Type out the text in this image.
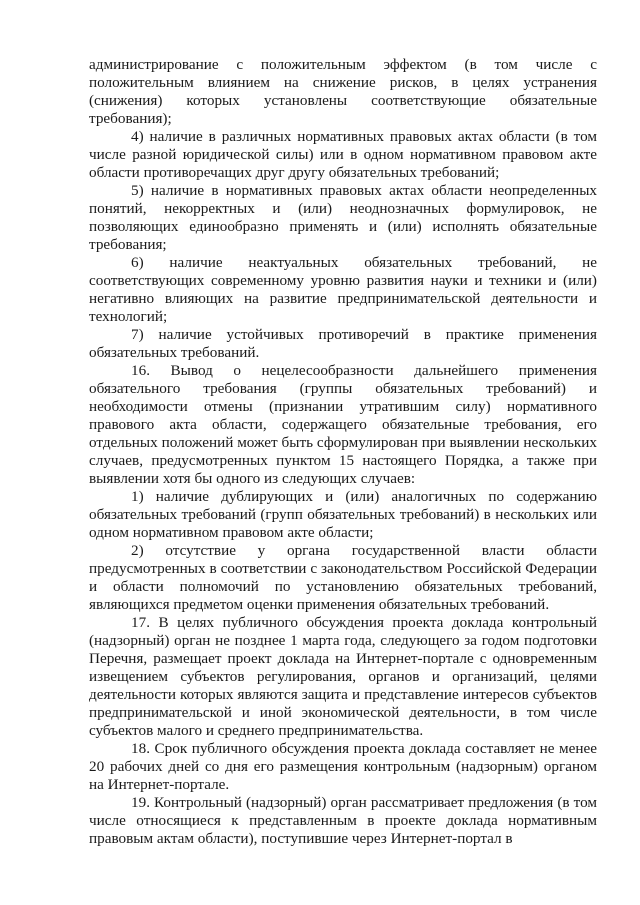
администрирование с положительным эффектом (в том числе с положительным влиянием на снижение рисков, в целях устранения (снижения) которых установлены соответствующие обязательные требования);

4) наличие в различных нормативных правовых актах области (в том числе разной юридической силы) или в одном нормативном правовом акте области противоречащих друг другу обязательных требований;

5) наличие в нормативных правовых актах области неопределенных понятий, некорректных и (или) неоднозначных формулировок, не позволяющих единообразно применять и (или) исполнять обязательные требования;

6) наличие неактуальных обязательных требований, не соответствующих современному уровню развития науки и техники и (или) негативно влияющих на развитие предпринимательской деятельности и технологий;

7) наличие устойчивых противоречий в практике применения обязательных требований.

16. Вывод о нецелесообразности дальнейшего применения обязательного требования (группы обязательных требований) и необходимости отмены (признании утратившим силу) нормативного правового акта области, содержащего обязательные требования, его отдельных положений может быть сформулирован при выявлении нескольких случаев, предусмотренных пунктом 15 настоящего Порядка, а также при выявлении хотя бы одного из следующих случаев:

1) наличие дублирующих и (или) аналогичных по содержанию обязательных требований (групп обязательных требований) в нескольких или одном нормативном правовом акте области;

2) отсутствие у органа государственной власти области предусмотренных в соответствии с законодательством Российской Федерации и области полномочий по установлению обязательных требований, являющихся предметом оценки применения обязательных требований.

17. В целях публичного обсуждения проекта доклада контрольный (надзорный) орган не позднее 1 марта года, следующего за годом подготовки Перечня, размещает проект доклада на Интернет-портале с одновременным извещением субъектов регулирования, органов и организаций, целями деятельности которых являются защита и представление интересов субъектов предпринимательской и иной экономической деятельности, в том числе субъектов малого и среднего предпринимательства.

18. Срок публичного обсуждения проекта доклада составляет не менее 20 рабочих дней со дня его размещения контрольным (надзорным) органом на Интернет-портале.

19. Контрольный (надзорный) орган рассматривает предложения (в том числе относящиеся к представленным в проекте доклада нормативным правовым актам области), поступившие через Интернет-портал в
